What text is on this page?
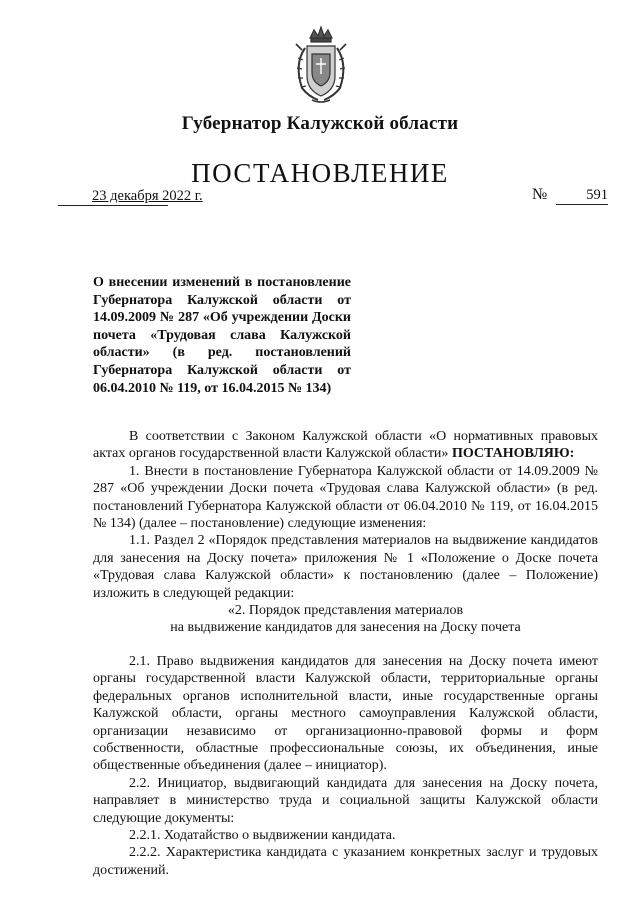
Губернатор Калужской области
ПОСТАНОВЛЕНИЕ
23 декабря 2022 г.	№	591
О внесении изменений в постановление Губернатора Калужской области от 14.09.2009 № 287 «Об учреждении Доски почета «Трудовая слава Калужской области» (в ред. постановлений Губернатора Калужской области от 06.04.2010 № 119, от 16.04.2015 № 134)

В соответствии с Законом Калужской области «О нормативных правовых актах органов государственной власти Калужской области» ПОСТАНОВЛЯЮ:

1. Внести в постановление Губернатора Калужской области от 14.09.2009 № 287 «Об учреждении Доски почета «Трудовая слава Калужской области» (в ред. постановлений Губернатора Калужской области от 06.04.2010 № 119, от 16.04.2015 № 134) (далее – постановление) следующие изменения:

1.1. Раздел 2 «Порядок представления материалов на выдвижение кандидатов для занесения на Доску почета» приложения № 1 «Положение о Доске почета «Трудовая слава Калужской области» к постановлению (далее – Положение) изложить в следующей редакции:

«2. Порядок представления материалов

на выдвижение кандидатов для занесения на Доску почета

2.1. Право выдвижения кандидатов для занесения на Доску почета имеют органы государственной власти Калужской области, территориальные органы федеральных органов исполнительной власти, иные государственные органы Калужской области, органы местного самоуправления Калужской области, организации независимо от организационно-правовой формы и форм собственности, областные профессиональные союзы, их объединения, иные общественные объединения (далее – инициатор).

2.2. Инициатор, выдвигающий кандидата для занесения на Доску почета, направляет в министерство труда и социальной защиты Калужской области следующие документы:

2.2.1. Ходатайство о выдвижении кандидата.

2.2.2. Характеристика кандидата с указанием конкретных заслуг и трудовых достижений.
